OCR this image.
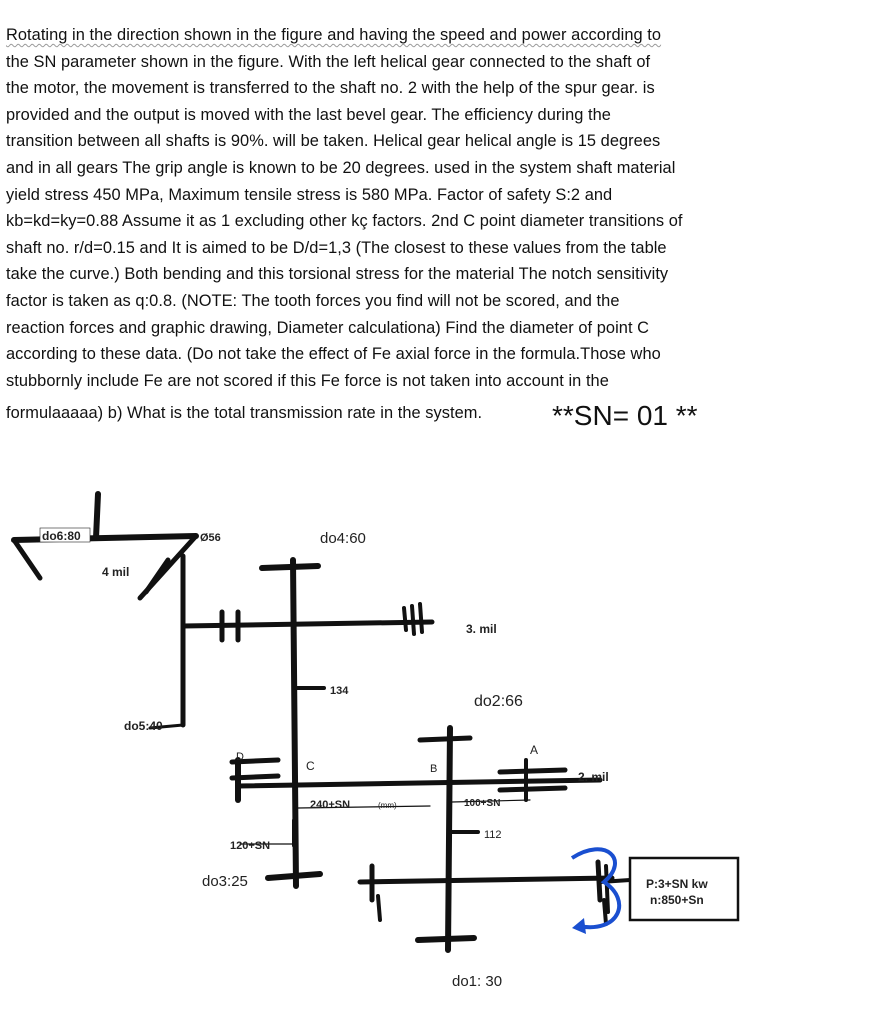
Rotating in the direction shown in the figure and having the speed and power according to
the SN parameter shown in the figure. With the left helical gear connected to the shaft of
the motor, the movement is transferred to the shaft no. 2 with the help of the spur gear. is
provided and the output is moved with the last bevel gear. The efficiency during the
transition between all shafts is 90%. will be taken. Helical gear helical angle is 15 degrees
and in all gears The grip angle is known to be 20 degrees. used in the system shaft material
yield stress 450 MPa, Maximum tensile stress is 580 MPa. Factor of safety S:2 and
kb=kd=ky=0.88 Assume it as 1 excluding other kç factors. 2nd C point diameter transitions of
shaft no. r/d=0.15 and It is aimed to be D/d=1,3 (The closest to these values from the table
take the curve.) Both bending and this torsional stress for the material The notch sensitivity
factor is taken as q:0.8. (NOTE: The tooth forces you find will not be scored, and the
reaction forces and graphic drawing, Diameter calculationa) Find the diameter of point C
according to these data. (Do not take the effect of Fe axial force in the formula.Those who
stubbornly include Fe are not scored if this Fe force is not taken into account in the
formulaaaaa) b) What is the total transmission rate in the system.	**SN= 01 **
do6:80	Ø56	do4:60
4 mil
3. mil
134
do2:66
do5:40
A
B
C
D
2. mil
240+SN	(mm)	100+SN
112
120+SN
do3:25
do1: 30
P:3+SN kw
n:850+Sn
